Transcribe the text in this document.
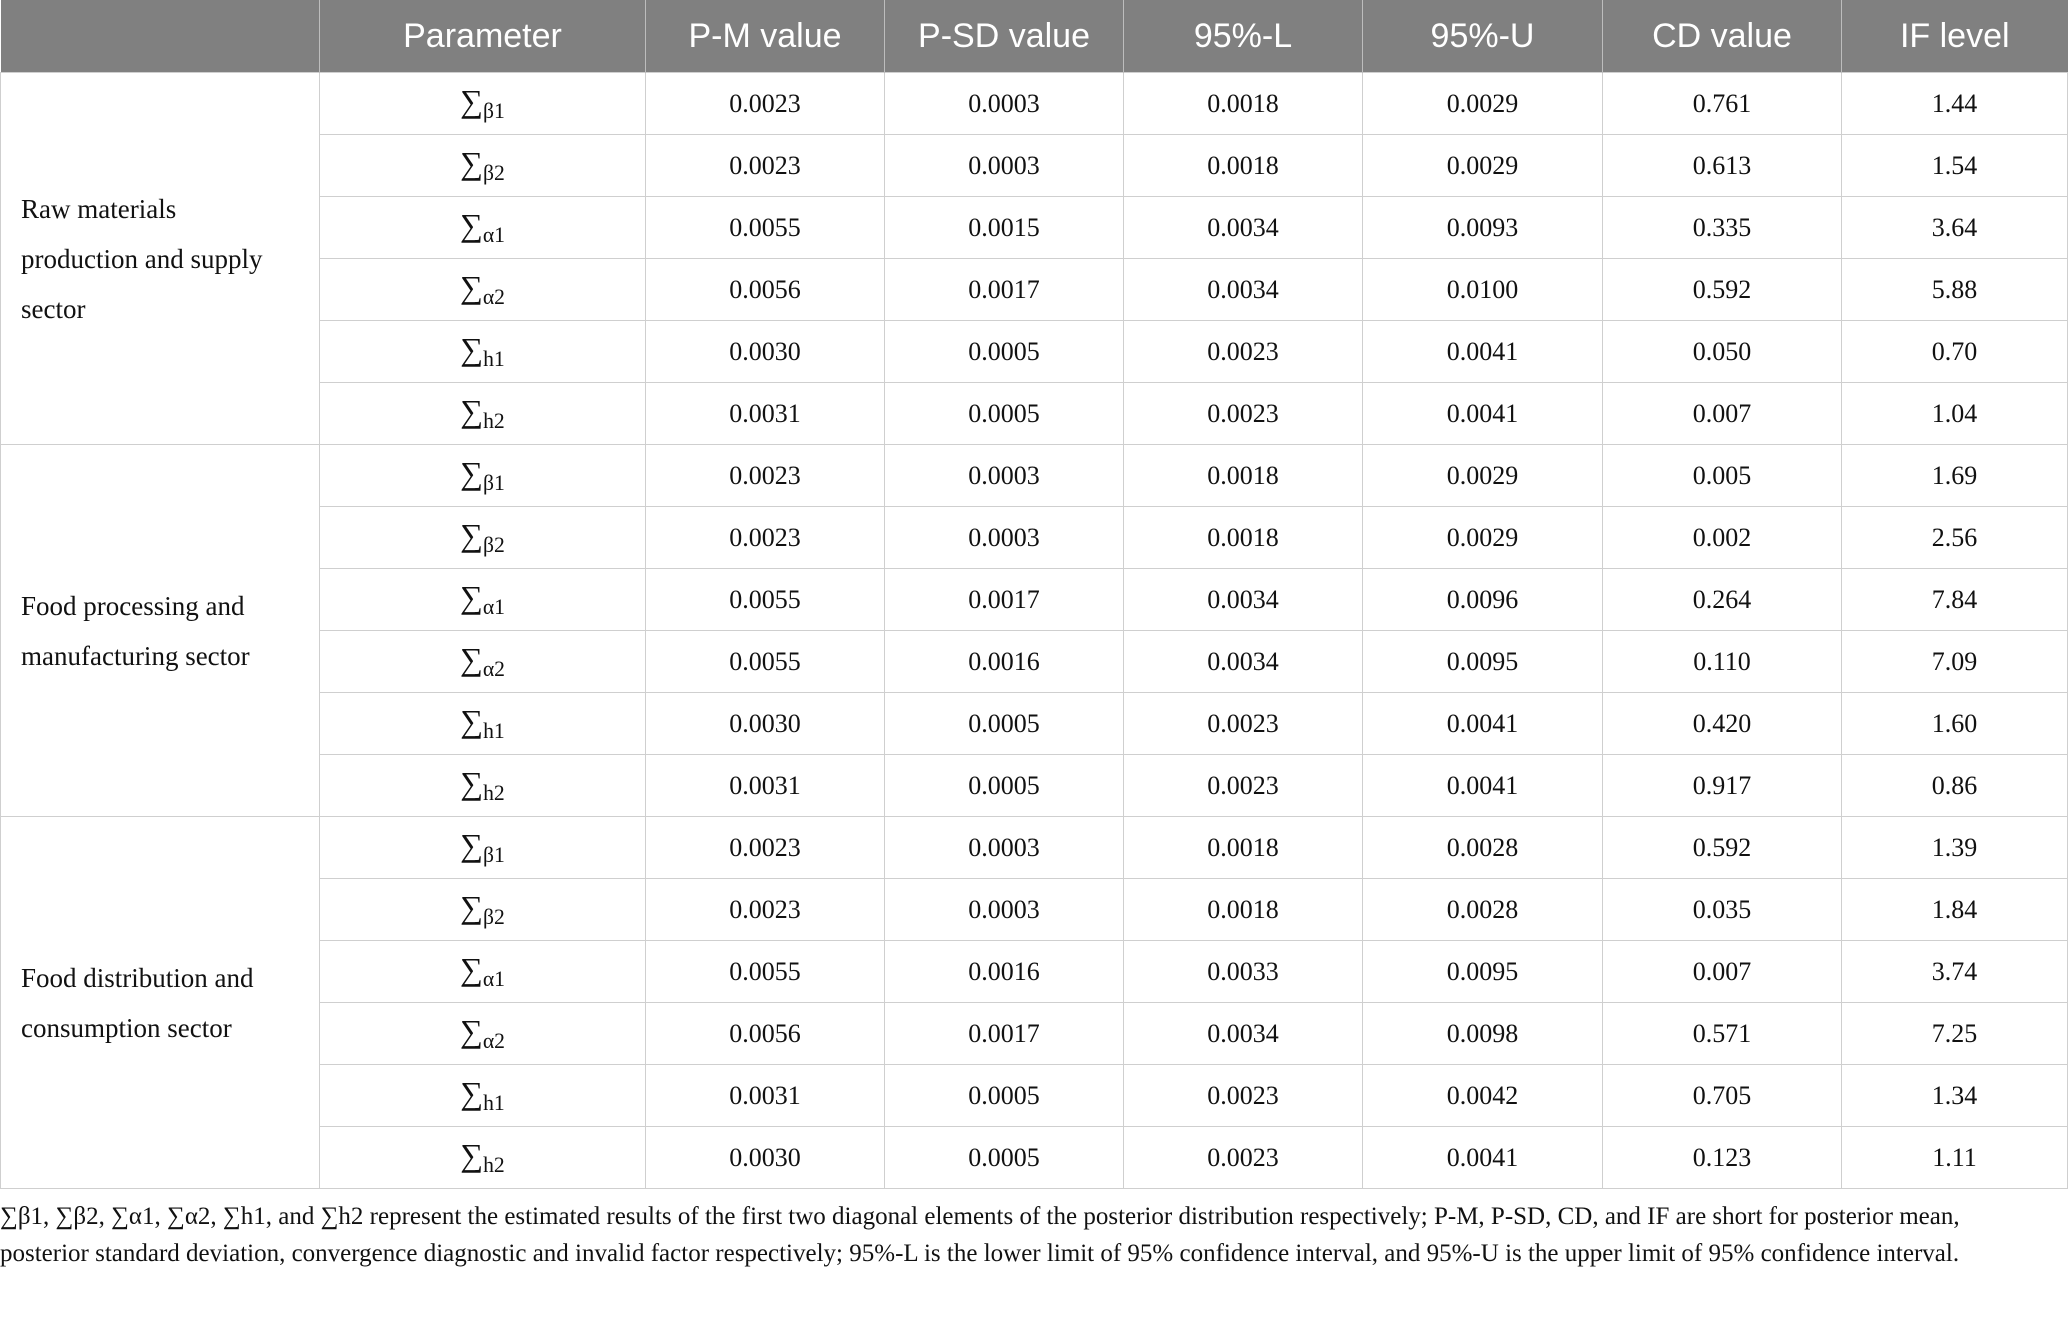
	Parameter	P-M value	P-SD value	95%-L	95%-U	CD value	IF level
Raw materials production and supply sector	$\sum_{\beta 1}$	0.0023	0.0003	0.0018	0.0029	0.761	1.44
	$\sum_{\beta 2}$	0.0023	0.0003	0.0018	0.0029	0.613	1.54
	$\sum_{\alpha 1}$	0.0055	0.0015	0.0034	0.0093	0.335	3.64
	$\sum_{\alpha 2}$	0.0056	0.0017	0.0034	0.0100	0.592	5.88
	$\sum_{h1}$	0.0030	0.0005	0.0023	0.0041	0.050	0.70
	$\sum_{h2}$	0.0031	0.0005	0.0023	0.0041	0.007	1.04
Food processing and manufacturing sector	$\sum_{\beta 1}$	0.0023	0.0003	0.0018	0.0029	0.005	1.69
	$\sum_{\beta 2}$	0.0023	0.0003	0.0018	0.0029	0.002	2.56
	$\sum_{\alpha 1}$	0.0055	0.0017	0.0034	0.0096	0.264	7.84
	$\sum_{\alpha 2}$	0.0055	0.0016	0.0034	0.0095	0.110	7.09
	$\sum_{h1}$	0.0030	0.0005	0.0023	0.0041	0.420	1.60
	$\sum_{h2}$	0.0031	0.0005	0.0023	0.0041	0.917	0.86
Food distribution and consumption sector	$\sum_{\beta 1}$	0.0023	0.0003	0.0018	0.0028	0.592	1.39
	$\sum_{\beta 2}$	0.0023	0.0003	0.0018	0.0028	0.035	1.84
	$\sum_{\alpha 1}$	0.0055	0.0016	0.0033	0.0095	0.007	3.74
	$\sum_{\alpha 2}$	0.0056	0.0017	0.0034	0.0098	0.571	7.25
	$\sum_{h1}$	0.0031	0.0005	0.0023	0.0042	0.705	1.34
	$\sum_{h2}$	0.0030	0.0005	0.0023	0.0041	0.123	1.11
∑β1, ∑β2, ∑α1, ∑α2, ∑h1, and ∑h2 represent the estimated results of the first two diagonal elements of the posterior distribution respectively; P-M, P-SD, CD, and IF are short for posterior mean, posterior standard deviation, convergence diagnostic and invalid factor respectively; 95%-L is the lower limit of 95% confidence interval, and 95%-U is the upper limit of 95% confidence interval.
